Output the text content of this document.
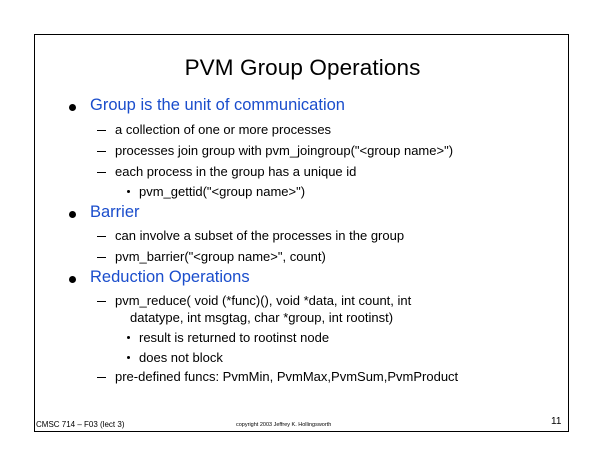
PVM Group Operations
Group is the unit of communication
a collection of one or more processes
processes join group with pvm_joingroup("<group name>")
each process in the group has a unique id
pvm_gettid("<group name>")
Barrier
can involve a subset of the processes in the group
pvm_barrier("<group name>", count)
Reduction Operations
pvm_reduce( void (*func)(), void *data, int count, int
datatype, int msgtag, char *group, int rootinst)
result is returned to rootinst node
does not block
pre-defined funcs: PvmMin, PvmMax,PvmSum,PvmProduct
CMSC 714 – F03 (lect 3)	copyright 2003 Jeffrey K. Hollingsworth	11
